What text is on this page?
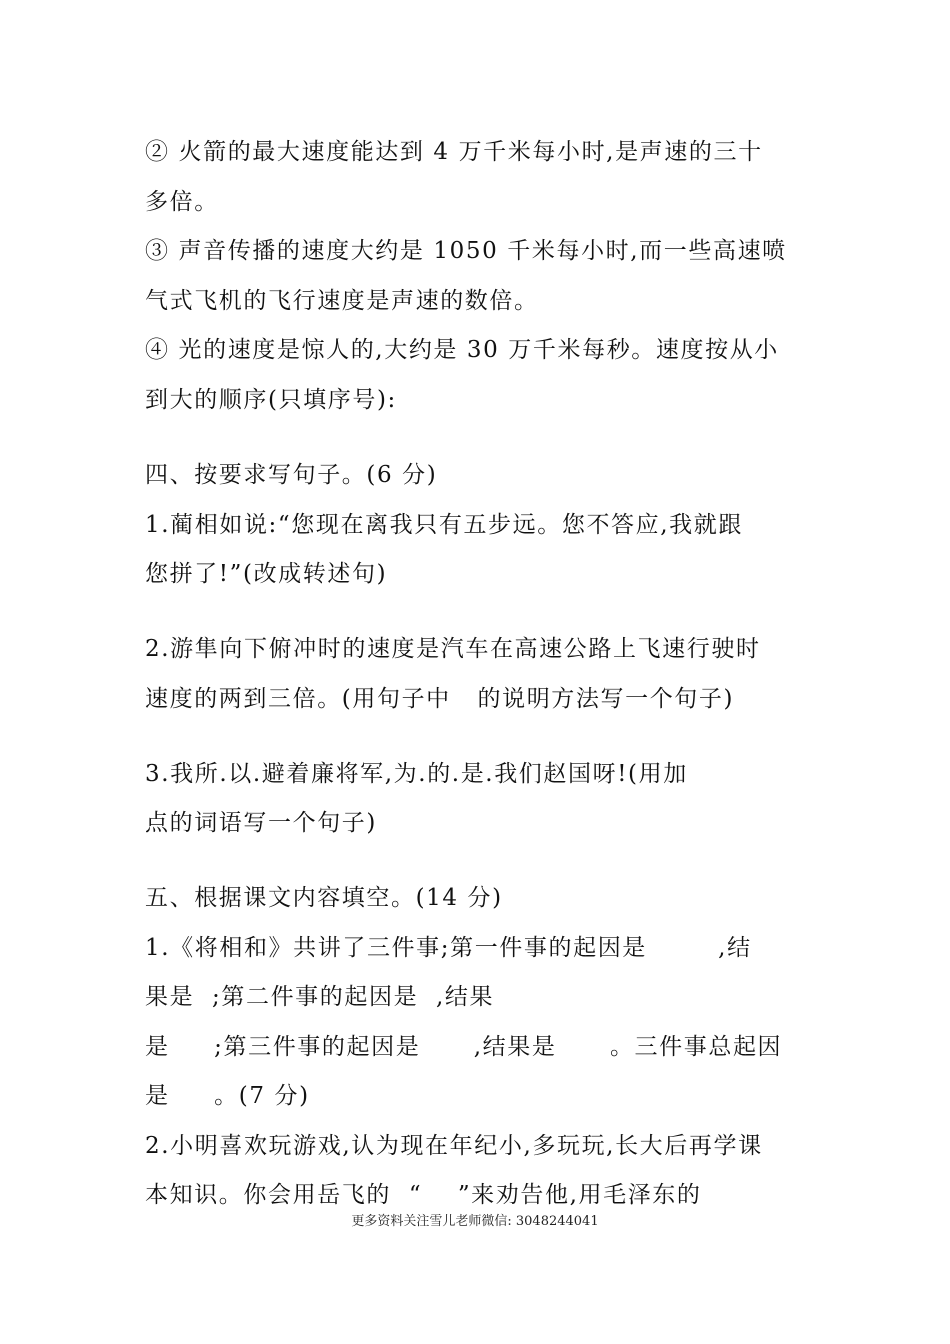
② 火箭的最大速度能达到 4 万千米每小时,是声速的三十
多倍。
③ 声音传播的速度大约是 1050 千米每小时,而一些高速喷
气式飞机的飞行速度是声速的数倍。
④ 光的速度是惊人的,大约是 30 万千米每秒。速度按从小
到大的顺序(只填序号):
四、按要求写句子。(6 分)
1.蔺相如说:“您现在离我只有五步远。您不答应,我就跟
您拼了!”(改成转述句)
2.游隼向下俯冲时的速度是汽车在高速公路上飞速行驶时
速度的两到三倍。(用句子中   的说明方法写一个句子)
3.我所.以.避着廉将军,为.的.是.我们赵国呀!(用加
点的词语写一个句子)
五、根据课文内容填空。(14 分)
1.《将相和》共讲了三件事;第一件事的起因是        ,结
果是  ;第二件事的起因是  ,结果
是     ;第三件事的起因是      ,结果是      。三件事总起因
是     。(7 分)
2.小明喜欢玩游戏,认为现在年纪小,多玩玩,长大后再学课
本知识。你会用岳飞的  “    ”来劝告他,用毛泽东的
更多资料关注雪儿老师微信: 3048244041
